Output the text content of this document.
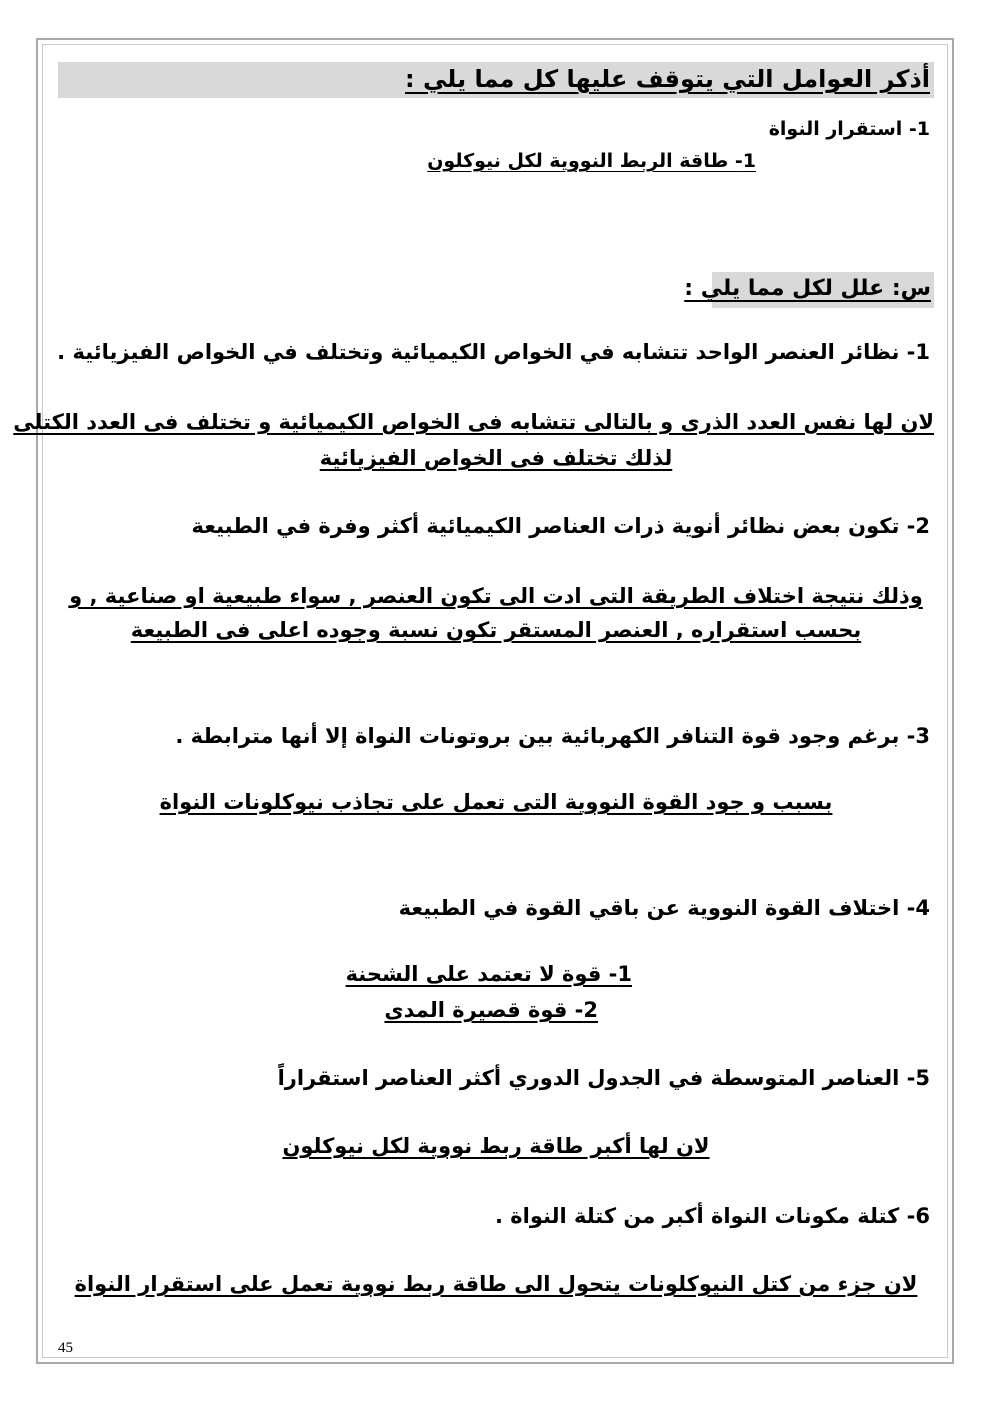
أذكر العوامل التي يتوقف عليها كل مما يلي :

1- استقرار النواة

1- طاقة الربط النووية لكل نيوكلون

س: علل لكل مما يلي :

1- نظائر العنصر الواحد تتشابه في الخواص الكيميائية وتختلف في الخواص الفيزيائية .

لان لها نفس العدد الذرى و بالتالى تتشابه فى الخواص الكيميائية و تختلف فى العدد الكتلى

لذلك تختلف فى الخواص الفيزيائية

2- تكون بعض نظائر أنوية ذرات العناصر الكيميائية أكثر وفرة في الطبيعة

وذلك نتيجة اختلاف الطريقة التى ادت الى تكون العنصر , سواء طبيعية او صناعية , و

بحسب استقراره , العنصر المستقر تكون نسبة وجوده اعلى فى الطبيعة

3- برغم وجود قوة التنافر الكهربائية بين بروتونات النواة إلا أنها مترابطة .

بسبب و جود القوة النووية التى تعمل على تجاذب نيوكلونات النواة

4- اختلاف القوة النووية عن باقي القوة في الطبيعة

1- قوة لا تعتمد على الشحنة

2- قوة قصيرة المدى

5- العناصر المتوسطة في الجدول الدوري أكثر العناصر استقراراً

لان لها أكبر طاقة ربط نووية لكل نيوكلون

6- كتلة مكونات النواة أكبر من كتلة النواة .

لان جزء من كتل النيوكلونات يتحول الى طاقة ربط نووية تعمل على استقرار النواة

45
